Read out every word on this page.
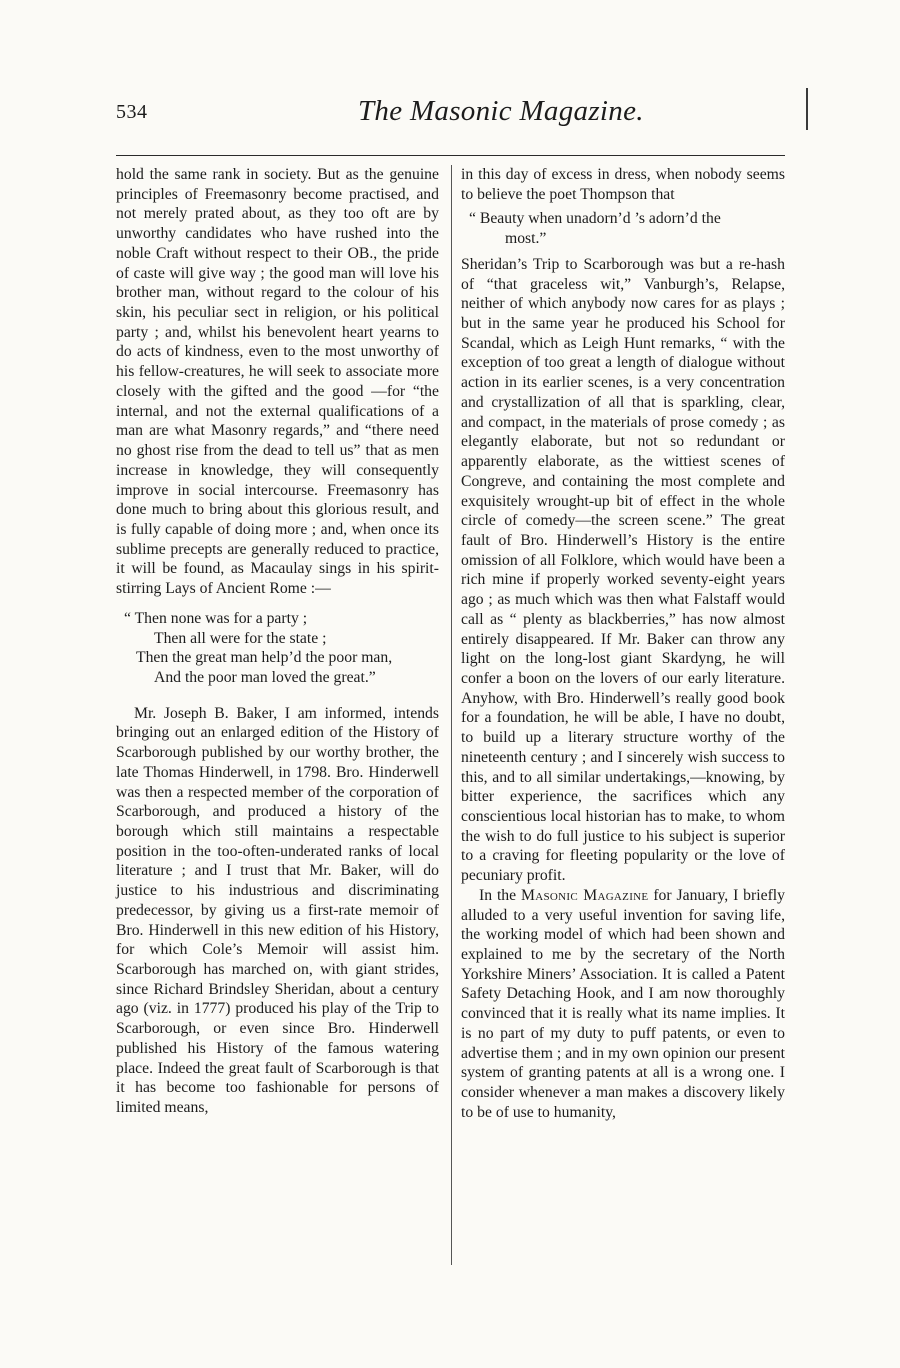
534	The Masonic Magazine.

hold the same rank in society. But as the genuine principles of Freemasonry become practised, and not merely prated about, as they too oft are by unworthy candidates who have rushed into the noble Craft without respect to their OB., the pride of caste will give way ; the good man will love his brother man, without regard to the colour of his skin, his peculiar sect in religion, or his political party ; and, whilst his benevolent heart yearns to do acts of kindness, even to the most unworthy of his fellow-creatures, he will seek to associate more closely with the gifted and the good —for “the internal, and not the external qualifications of a man are what Masonry regards,” and “there need no ghost rise from the dead to tell us” that as men increase in knowledge, they will consequently improve in social intercourse. Freemasonry has done much to bring about this glorious result, and is fully capable of doing more ; and, when once its sublime precepts are generally reduced to practice, it will be found, as Macaulay sings in his spirit-stirring Lays of Ancient Rome :—

“ Then none was for a party ;
Then all were for the state ;
Then the great man help’d the poor man,
And the poor man loved the great.”

Mr. Joseph B. Baker, I am informed, intends bringing out an enlarged edition of the History of Scarborough published by our worthy brother, the late Thomas Hinderwell, in 1798. Bro. Hinderwell was then a respected member of the corporation of Scarborough, and produced a history of the borough which still maintains a respectable position in the too-often-underated ranks of local literature ; and I trust that Mr. Baker, will do justice to his industrious and discriminating predecessor, by giving us a first-rate memoir of Bro. Hinderwell in this new edition of his History, for which Cole’s Memoir will assist him. Scarborough has marched on, with giant strides, since Richard Brindsley Sheridan, about a century ago (viz. in 1777) produced his play of the Trip to Scarborough, or even since Bro. Hinderwell published his History of the famous watering place. Indeed the great fault of Scarborough is that it has become too fashionable for persons of limited means,

in this day of excess in dress, when nobody seems to believe the poet Thompson that

“ Beauty when unadorn’d ’s adorn’d the
most.”

Sheridan’s Trip to Scarborough was but a re-hash of “that graceless wit,” Vanburgh’s, Relapse, neither of which anybody now cares for as plays ; but in the same year he produced his School for Scandal, which as Leigh Hunt remarks, “ with the exception of too great a length of dialogue without action in its earlier scenes, is a very concentration and crystallization of all that is sparkling, clear, and compact, in the materials of prose comedy ; as elegantly elaborate, but not so redundant or apparently elaborate, as the wittiest scenes of Congreve, and containing the most complete and exquisitely wrought-up bit of effect in the whole circle of comedy—the screen scene.” The great fault of Bro. Hinderwell’s History is the entire omission of all Folklore, which would have been a rich mine if properly worked seventy-eight years ago ; as much which was then what Falstaff would call as “ plenty as blackberries,” has now almost entirely disappeared. If Mr. Baker can throw any light on the long-lost giant Skardyng, he will confer a boon on the lovers of our early literature. Anyhow, with Bro. Hinderwell’s really good book for a foundation, he will be able, I have no doubt, to build up a literary structure worthy of the nineteenth century ; and I sincerely wish success to this, and to all similar undertakings,—knowing, by bitter experience, the sacrifices which any conscientious local historian has to make, to whom the wish to do full justice to his subject is superior to a craving for fleeting popularity or the love of pecuniary profit.

In the Masonic Magazine for January, I briefly alluded to a very useful invention for saving life, the working model of which had been shown and explained to me by the secretary of the North Yorkshire Miners’ Association. It is called a Patent Safety Detaching Hook, and I am now thoroughly convinced that it is really what its name implies. It is no part of my duty to puff patents, or even to advertise them ; and in my own opinion our present system of granting patents at all is a wrong one. I consider whenever a man makes a discovery likely to be of use to humanity,
